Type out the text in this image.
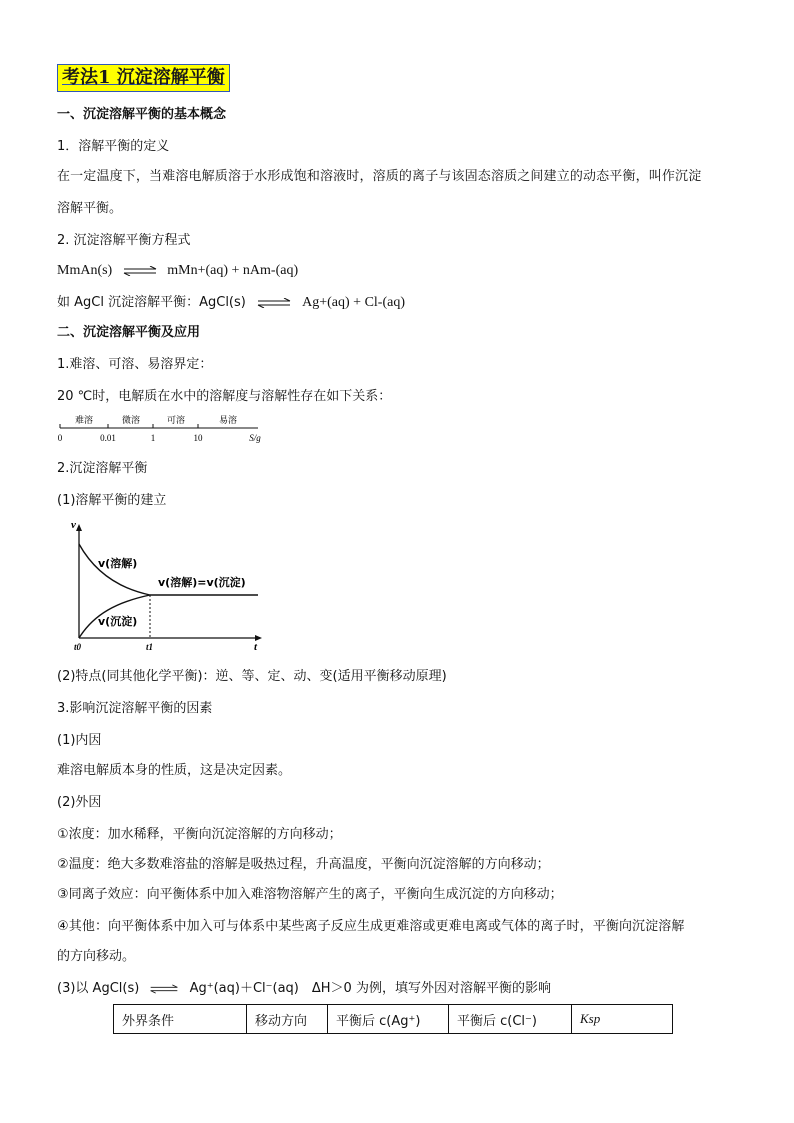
考法1 沉淀溶解平衡
一、沉淀溶解平衡的基本概念
1．溶解平衡的定义
在一定温度下，当难溶电解质溶于水形成饱和溶液时，溶质的离子与该固态溶质之间建立的动态平衡，叫作沉淀
溶解平衡。
2. 沉淀溶解平衡方程式
MmAn(s) ⇌ mMn+(aq) + nAm-(aq)
如 AgCl 沉淀溶解平衡：AgCl(s) ⇌ Ag+(aq) + Cl-(aq)
二、沉淀溶解平衡及应用
1.难溶、可溶、易溶界定：
20 ℃时，电解质在水中的溶解度与溶解性存在如下关系：
难溶	微溶	可溶	易溶
0	0.01	1	10	S/g
2.沉淀溶解平衡
(1)溶解平衡的建立
v
t
t0	t1
v(溶解)
v(沉淀)
v(溶解)=v(沉淀)
(2)特点(同其他化学平衡)：逆、等、定、动、变(适用平衡移动原理)
3.影响沉淀溶解平衡的因素
(1)内因
难溶电解质本身的性质，这是决定因素。
(2)外因
①浓度：加水稀释，平衡向沉淀溶解的方向移动；
②温度：绝大多数难溶盐的溶解是吸热过程，升高温度，平衡向沉淀溶解的方向移动；
③同离子效应：向平衡体系中加入难溶物溶解产生的离子，平衡向生成沉淀的方向移动；
④其他：向平衡体系中加入可与体系中某些离子反应生成更难溶或更难电离或气体的离子时，平衡向沉淀溶解
的方向移动。
(3)以 AgCl(s) ⇌ Ag⁺(aq)＋Cl⁻(aq)　ΔH＞0 为例，填写外因对溶解平衡的影响
外界条件	移动方向	平衡后 c(Ag⁺)	平衡后 c(Cl⁻)	Ksp
